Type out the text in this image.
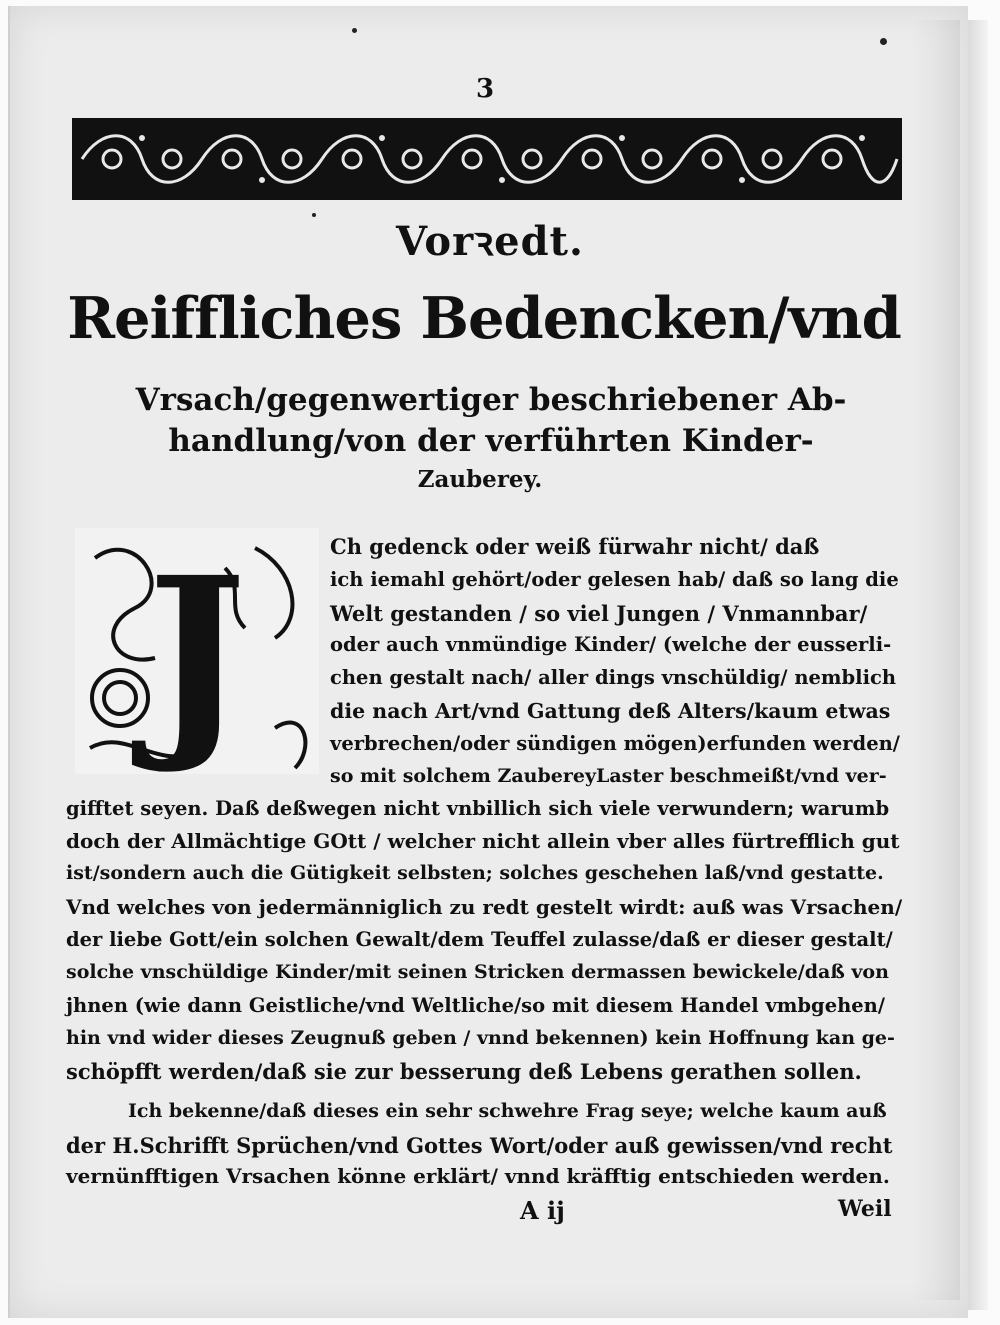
3
Vorꝛedt.
Reiffliches Bedencken/vnd
Vrsach/gegenwertiger beschriebener Ab-
handlung/von der verführten Kinder-
Zauberey.
J	Ch gedenck oder weiß fürwahr nicht/ daß
ich iemahl gehört/oder gelesen hab/ daß so lang die
Welt gestanden / so viel Jungen / Vnmannbar/
oder auch vnmündige Kinder/ (welche der eusserli-
chen gestalt nach/ aller dings vnschüldig/ nemblich
die nach Art/vnd Gattung deß Alters/kaum etwas
verbrechen/oder sündigen mögen)erfunden werden/
so mit solchem ZaubereyLaster beschmeißt/vnd ver-
gifftet seyen. Daß deßwegen nicht vnbillich sich viele verwundern; warumb
doch der Allmächtige GOtt / welcher nicht allein vber alles fürtrefflich gut
ist/sondern auch die Gütigkeit selbsten; solches geschehen laß/vnd gestatte.
Vnd welches von jedermänniglich zu redt gestelt wirdt: auß was Vrsachen/
der liebe Gott/ein solchen Gewalt/dem Teuffel zulasse/daß er dieser gestalt/
solche vnschüldige Kinder/mit seinen Stricken dermassen bewickele/daß von
jhnen (wie dann Geistliche/vnd Weltliche/so mit diesem Handel vmbgehen/
hin vnd wider dieses Zeugnuß geben / vnnd bekennen) kein Hoffnung kan ge-
schöpfft werden/daß sie zur besserung deß Lebens gerathen sollen.
Ich bekenne/daß dieses ein sehr schwehre Frag seye; welche kaum auß
der H.Schrifft Sprüchen/vnd Gottes Wort/oder auß gewissen/vnd recht
vernünfftigen Vrsachen könne erklärt/ vnnd kräfftig entschieden werden.
A ij	Weil
